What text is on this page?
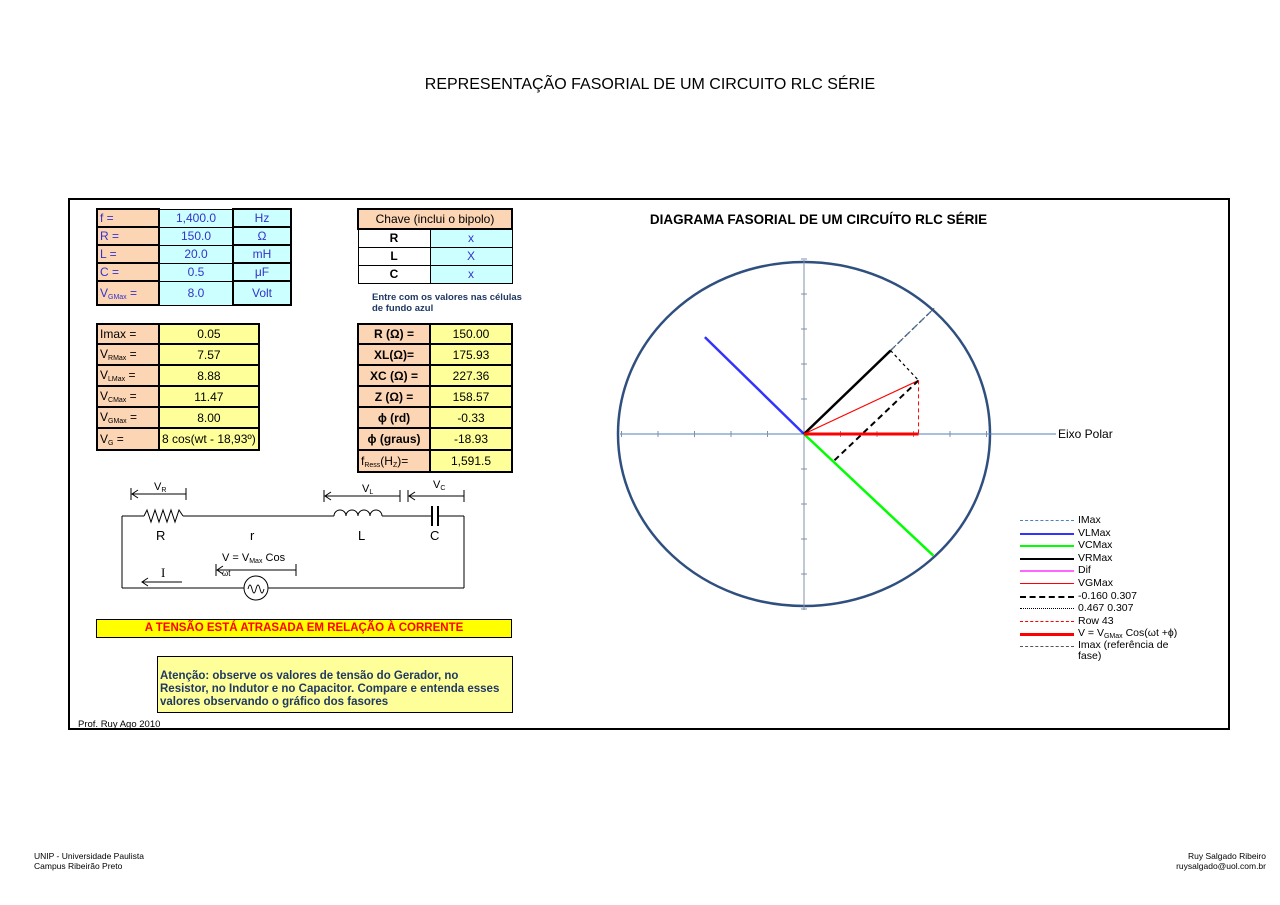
REPRESENTAÇÃO FASORIAL DE UM CIRCUITO RLC SÉRIE
f =	1,400.0	Hz
R =	150.0	Ω
L =	20.0	mH
C =	0.5	μF
$V_{GMax}$ =	8.0	Volt
Chave (inclui o bipolo)	
R	x
L	X
C	x
Entre com os valores nas células de fundo azul
Imax =	0.05
$V_{RMax}$ =	7.57
$V_{LMax}$ =	8.88
$V_{CMax}$ =	11.47
$V_{GMax}$ =	8.00
$V_G$ =	8 cos(wt - 18,93º)
R (Ω) =	150.00
XL(Ω)=	175.93
XC (Ω) =	227.36
Z (Ω) =	158.57
ϕ (rd)	-0.33
ϕ (graus)	-18.93
$f_{Ress}(H_Z)=$	1,591.5
VR	VL
VC
R	r	L	C
I
V = VMax Cos
ωt
A TENSÃO ESTÁ ATRASADA EM RELAÇÃO À CORRENTE
Atenção: observe os valores de tensão do Gerador, no Resistor, no Indutor e no Capacitor. Compare e entenda esses valores observando o gráfico dos fasores
Prof. Ruy Ago 2010
DIAGRAMA FASORIAL DE UM CIRCUÍTO RLC SÉRIE
Eixo Polar
IMax
VLMax
VCMax
VRMax
Dif
VGMax
-0.160 0.307
0.467 0.307
Row 43
$V = V_{GMax}$ Cos(ωt +ϕ)
Imax (referência de fase)
UNIP - Universidade Paulista
Campus Ribeirão Preto
Ruy Salgado Ribeiro
ruysalgado@uol.com.br
